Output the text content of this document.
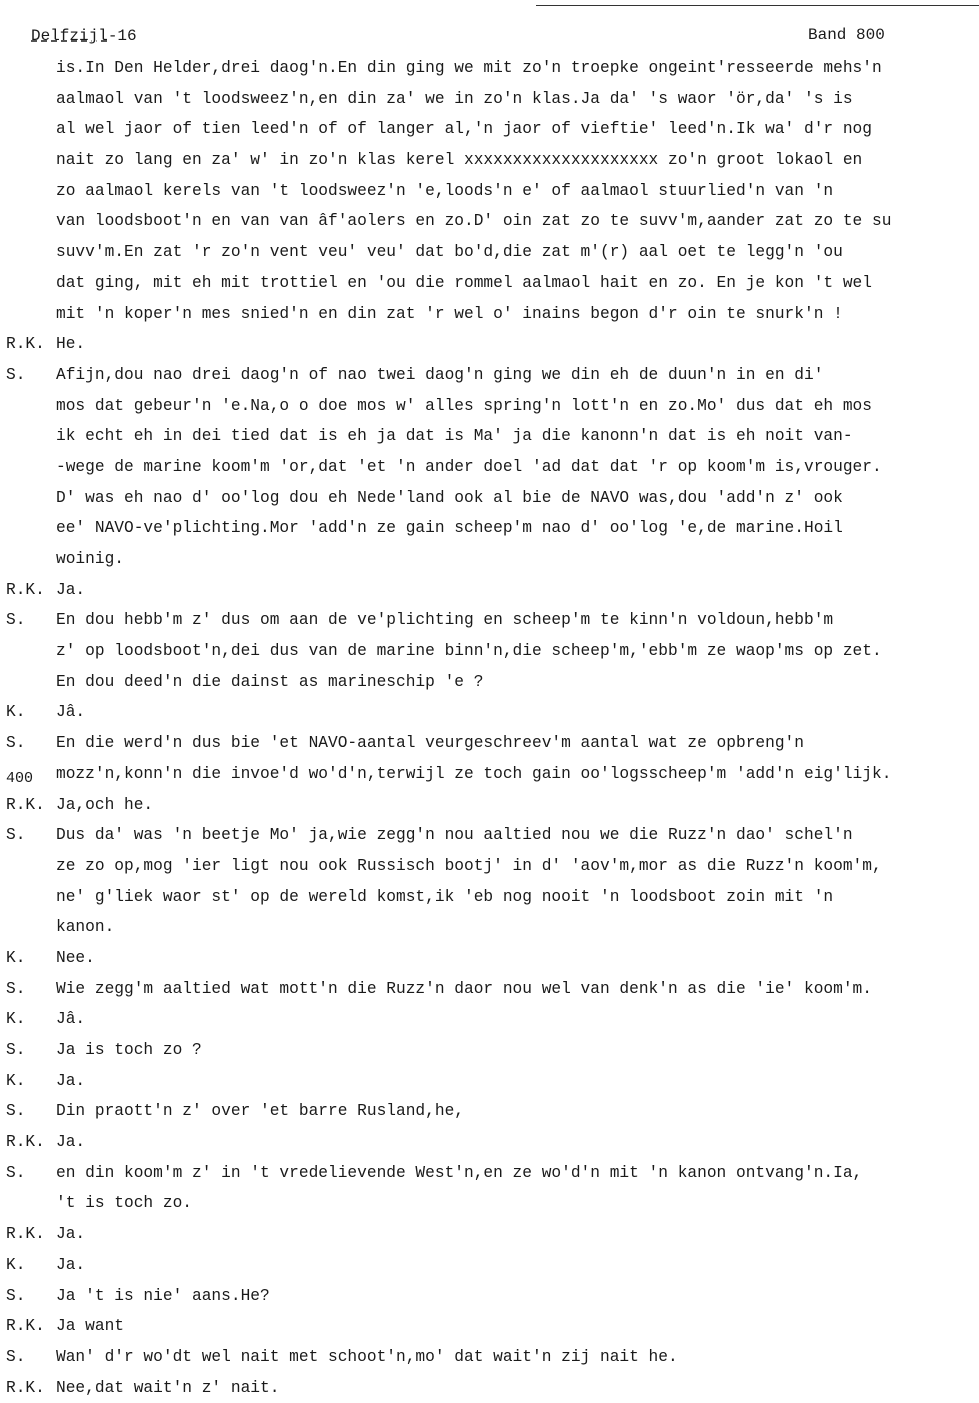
Delfzijl-16	Band 800
400
is.In Den Helder,drei daog'n.En din ging we mit zo'n troepke ongeint'resseerde mehs'n
aalmaol van 't loodsweez'n,en din za' we in zo'n klas.Ja da' 's waor 'ör,da' 's is
al wel jaor of tien leed'n of of langer al,'n jaor of vieftie' leed'n.Ik wa' d'r nog
nait zo lang en za' w' in zo'n klas kerel xxxxxxxxxxxxxxxxxxxx zo'n groot lokaol en
zo aalmaol kerels van 't loodsweez'n 'e,loods'n e' of aalmaol stuurlied'n van 'n
van loodsboot'n en van van âf'aolers en zo.D' oin zat zo te suvv'm,aander zat zo te su
suvv'm.En zat 'r zo'n vent veu' veu' dat bo'd,die zat m'(r) aal oet te legg'n 'ou
dat ging, mit eh mit trottiel en 'ou die rommel aalmaol hait en zo. En je kon 't wel
mit 'n koper'n mes snied'n en din zat 'r wel o' inains begon d'r oin te snurk'n !
R.K. He.
S. Afijn,dou nao drei daog'n of nao twei daog'n ging we din eh de duun'n in en di'
mos dat gebeur'n 'e.Na,o o doe mos w' alles spring'n lott'n en zo.Mo' dus dat eh mos
ik echt eh in dei tied dat is eh ja dat is Ma' ja die kanonn'n dat is eh noit van-
-wege de marine koom'm 'or,dat 'et 'n ander doel 'ad dat dat 'r op koom'm is,vrouger.
D' was eh nao d' oo'log dou eh Nede'land ook al bie de NAVO was,dou 'add'n z' ook
ee' NAVO-ve'plichting.Mor 'add'n ze gain scheep'm nao d' oo'log 'e,de marine.Hoil
woinig.
R.K. Ja.
S. En dou hebb'm z' dus om aan de ve'plichting en scheep'm te kinn'n voldoun,hebb'm
z' op loodsboot'n,dei dus van de marine binn'n,die scheep'm,'ebb'm ze waop'ms op zet.
En dou deed'n die dainst as marineschip 'e ?
K. Jâ.
S. En die werd'n dus bie 'et NAVO-aantal veurgeschreev'm aantal wat ze opbreng'n
mozz'n,konn'n die invoe'd wo'd'n,terwijl ze toch gain oo'logsscheep'm 'add'n eig'lijk.
R.K. Ja,och he.
S. Dus da' was 'n beetje Mo' ja,wie zegg'n nou aaltied nou we die Ruzz'n dao' schel'n
ze zo op,mog 'ier ligt nou ook Russisch bootj' in d' 'aov'm,mor as die Ruzz'n koom'm,
ne' g'liek waor st' op de wereld komst,ik 'eb nog nooit 'n loodsboot zoin mit 'n
kanon.
K. Nee.
S. Wie zegg'm aaltied wat mott'n die Ruzz'n daor nou wel van denk'n as die 'ie' koom'm.
K. Jâ.
S. Ja is toch zo ?
K. Ja.
S. Din praott'n z' over 'et barre Rusland,he,
R.K. Ja.
S. en din koom'm z' in 't vredelievende West'n,en ze wo'd'n mit 'n kanon ontvang'n.Ia,
't is toch zo.
R.K. Ja.
K. Ja.
S. Ja 't is nie' aans.He?
R.K. Ja want
S. Wan' d'r wo'dt wel nait met schoot'n,mo' dat wait'n zij nait he.
R.K. Nee,dat wait'n z' nait.
